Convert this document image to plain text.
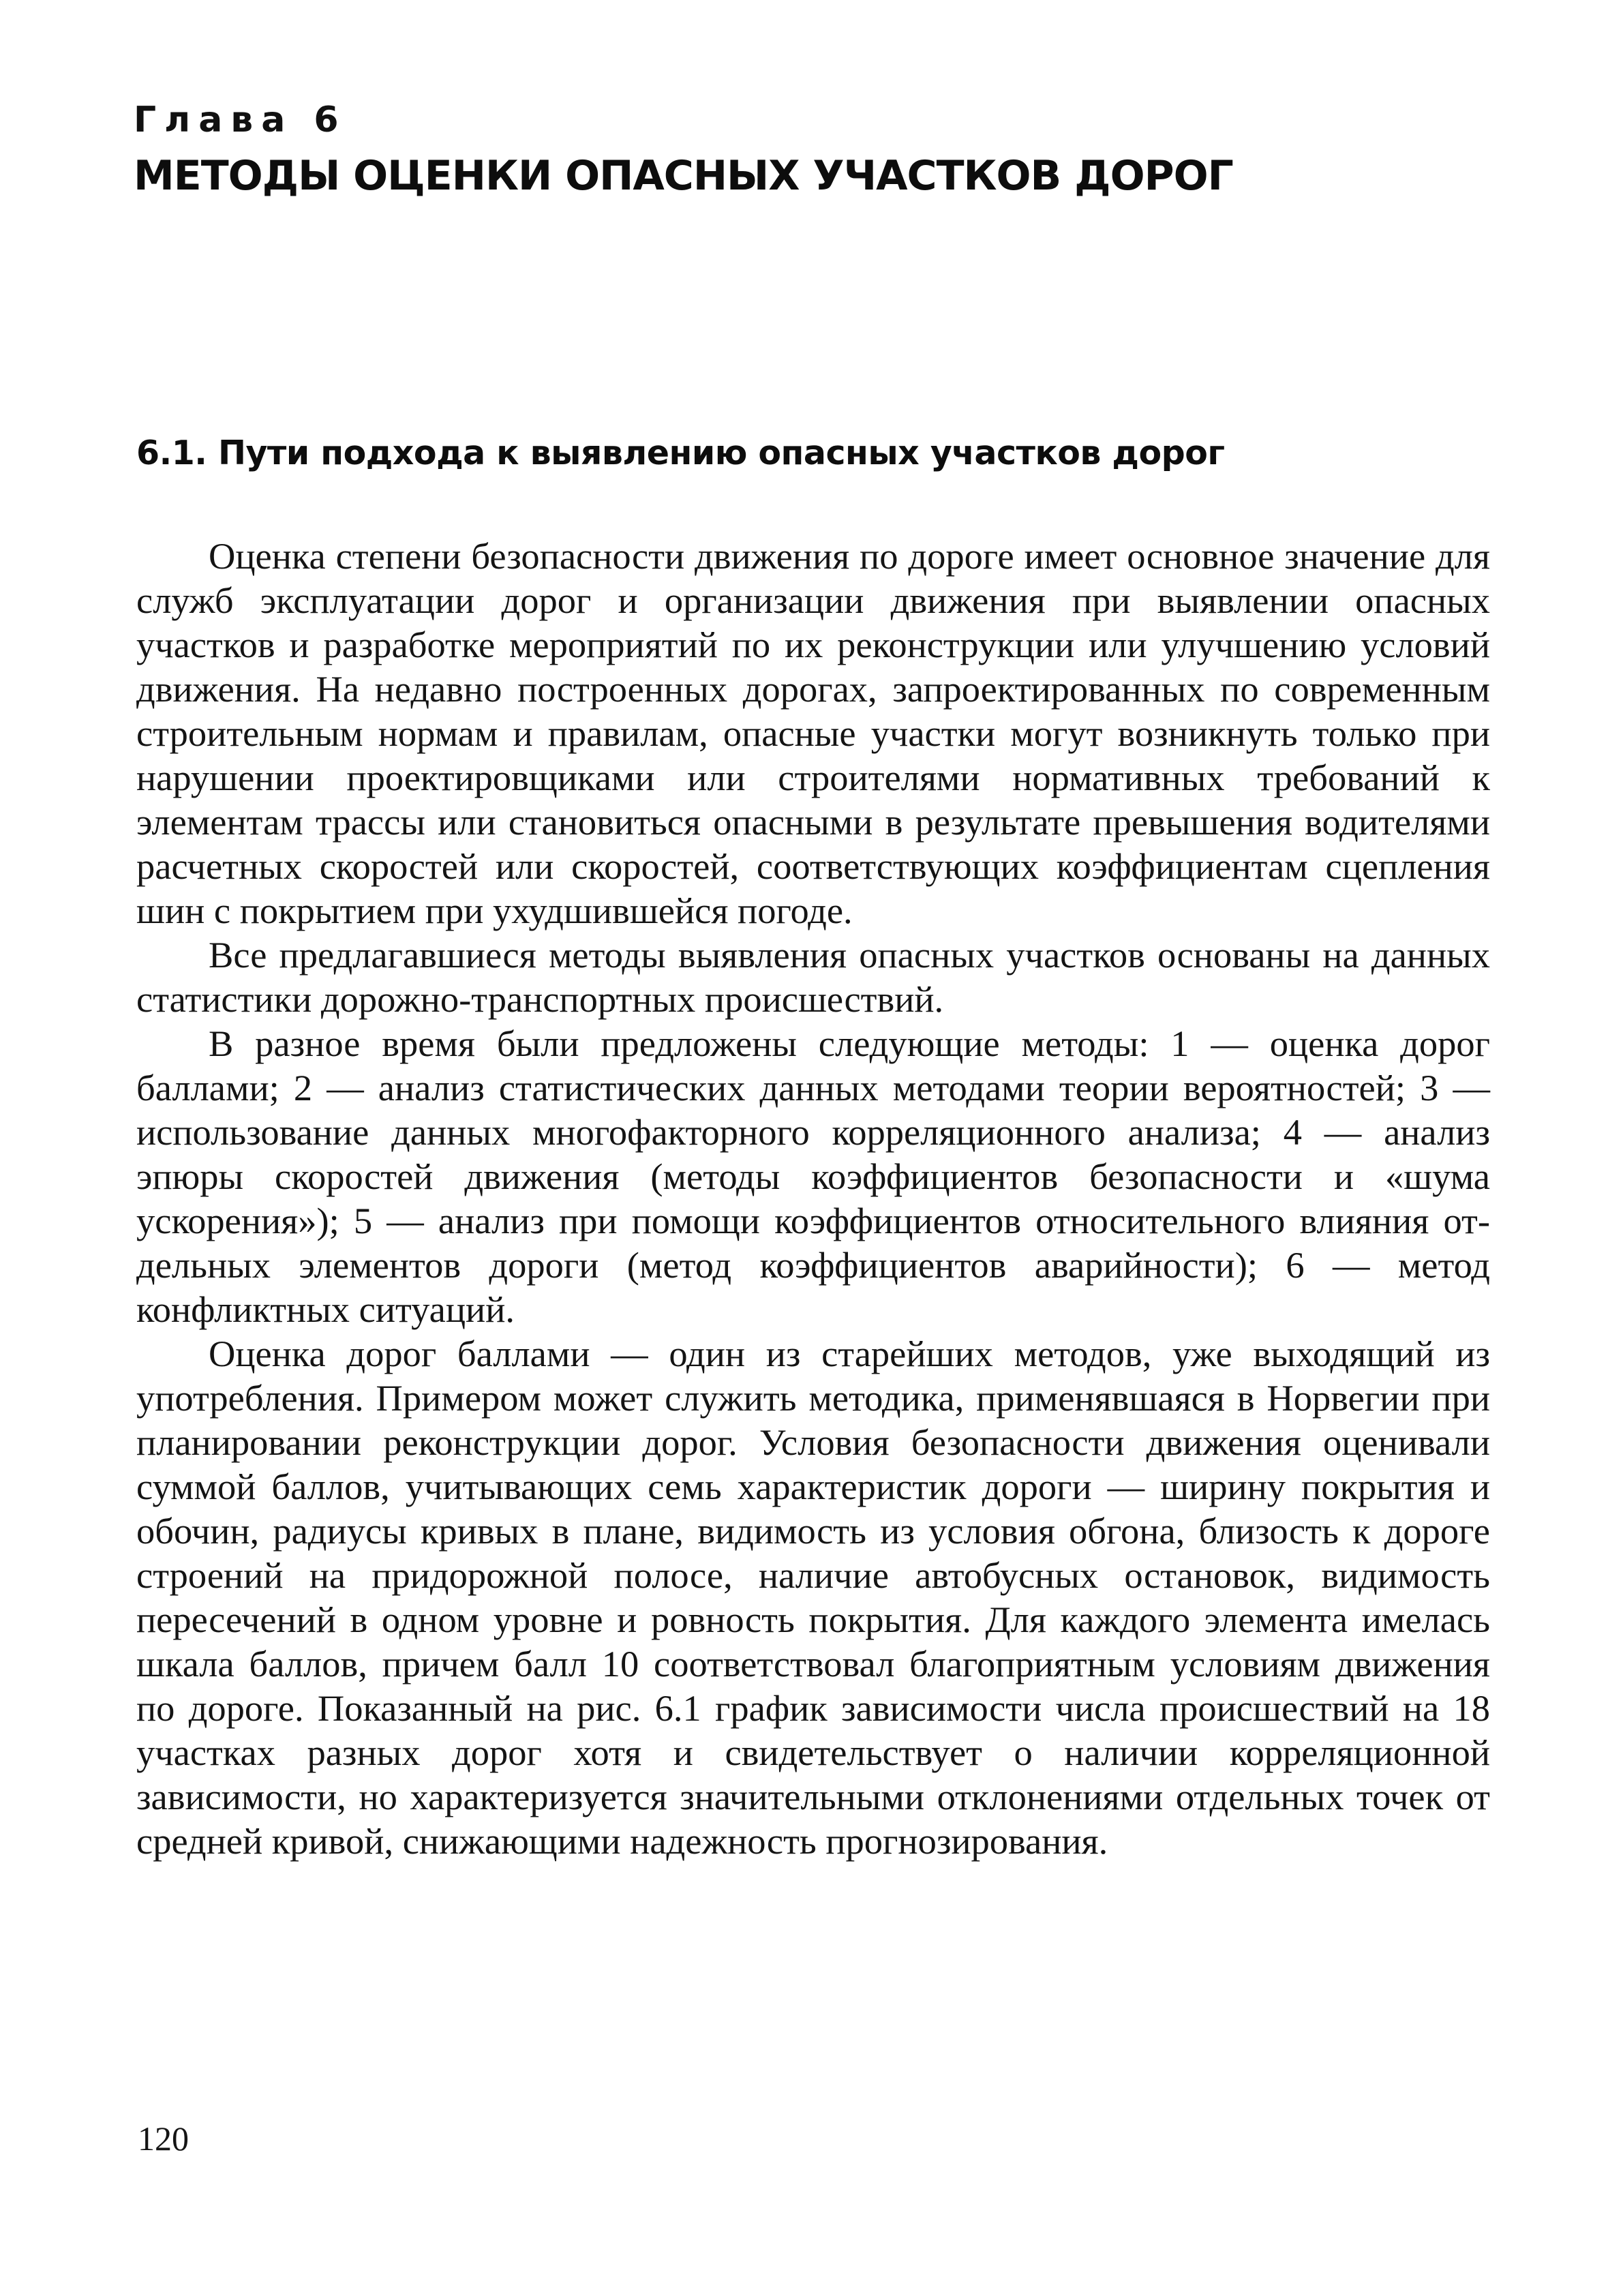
Глава 6
МЕТОДЫ ОЦЕНКИ ОПАСНЫХ УЧАСТКОВ ДОРОГ
6.1. Пути подхода к выявлению опасных участков дорог

Оценка степени безопасности движения по дороге имеет основное значение для служб эксплуатации дорог и организации движения при выявлении опасных участков и разработке мероприятий по их реконструкции или улучшению условий движения. На недавно построенных дорогах, запроектированных по современным строительным нормам и правилам, опасные участки могут возникнуть только при нарушении проектировщиками или строителями нормативных требований к элементам трассы или становиться опасными в результате превышения водителями расчетных скоростей или скоростей, соответствующих коэффициентам сцепления шин с покрытием при ухудшившейся погоде.

Все предлагавшиеся методы выявления опасных участков основаны на данных статистики дорожно-транспортных происшествий.

В разное время были предложены следующие методы: 1 — оценка дорог баллами; 2 — анализ статистических данных методами теории вероятностей; 3 — использование данных многофакторного корреляционного анализа; 4 — анализ эпюры скоростей движения (методы коэффициентов безопасности и «шума ускорения»); 5 — анализ при помощи коэффициентов относительного влияния отдельных элементов дороги (метод коэффициентов аварийности); 6 — метод конфликтных ситуаций.

Оценка дорог баллами — один из старейших методов, уже выходящий из употребления. Примером может служить методика, применявшаяся в Норвегии при планировании реконструкции дорог. Условия безопасности движения оценивали суммой баллов, учитывающих семь характеристик дороги — ширину покрытия и обочин, радиусы кривых в плане, видимость из условия обгона, близость к дороге строений на придорожной полосе, наличие автобусных остановок, видимость пересечений в одном уровне и ровность покрытия. Для каждого элемента имелась шкала баллов, причем балл 10 соответствовал благоприятным условиям движения по дороге. Показанный на рис. 6.1 график зависимости числа происшествий на 18 участках разных дорог хотя и свидетельствует о наличии корреляционной зависимости, но характеризуется значительными отклонениями отдельных точек от средней кривой, снижающими надежность прогнозирования.

120
